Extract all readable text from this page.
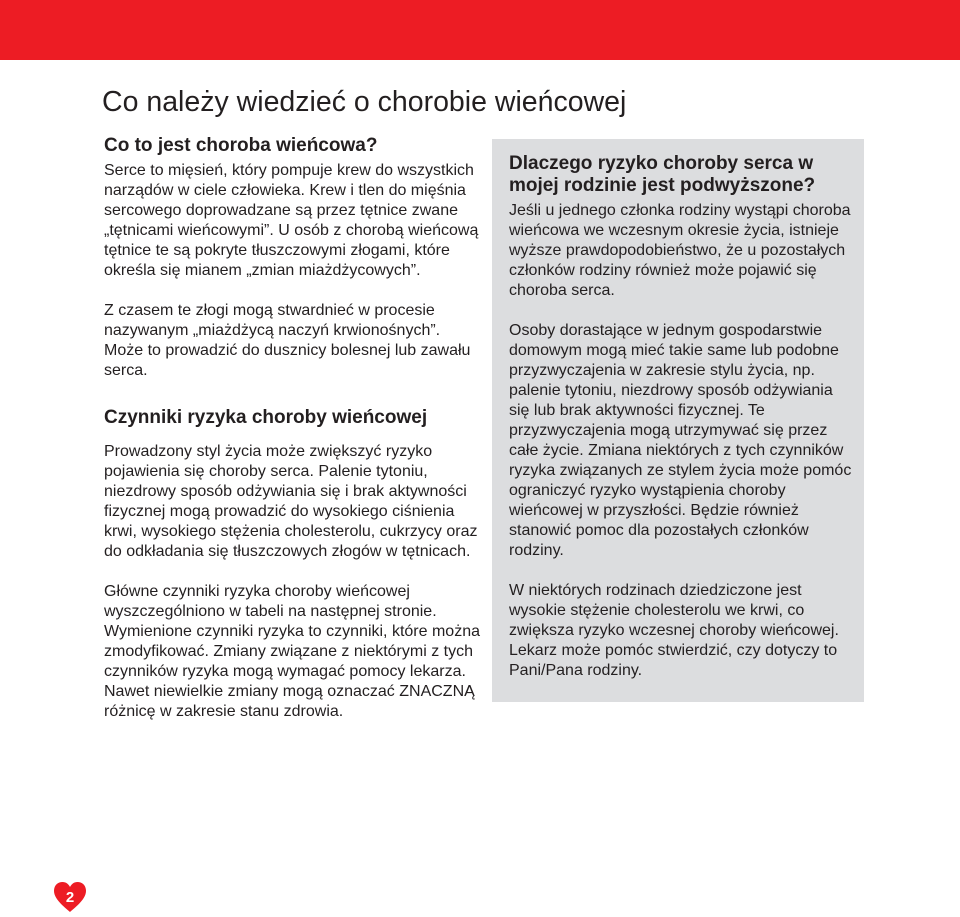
Co należy wiedzieć o chorobie wieńcowej
Co to jest choroba wieńcowa?

Serce to mięsień, który pompuje krew do wszystkich narządów w ciele człowieka. Krew i tlen do mięśnia sercowego doprowadzane są przez tętnice zwane „tętnicami wieńcowymi”. U osób z chorobą wieńcową tętnice te są pokryte tłuszczowymi złogami, które określa się mianem „zmian miażdżycowych”.

Z czasem te złogi mogą stwardnieć w procesie nazywanym „miażdżycą naczyń krwionośnych”. Może to prowadzić do dusznicy bolesnej lub zawału serca.

Czynniki ryzyka choroby wieńcowej

Prowadzony styl życia może zwiększyć ryzyko pojawienia się choroby serca. Palenie tytoniu, niezdrowy sposób odżywiania się i brak aktywności fizycznej mogą prowadzić do wysokiego ciśnienia krwi, wysokiego stężenia cholesterolu, cukrzycy oraz do odkładania się tłuszczowych złogów w tętnicach.

Główne czynniki ryzyka choroby wieńcowej wyszczególniono w tabeli na następnej stronie. Wymienione czynniki ryzyka to czynniki, które można zmodyfikować. Zmiany związane z niektórymi z tych czynników ryzyka mogą wymagać pomocy lekarza. Nawet niewielkie zmiany mogą oznaczać ZNACZNĄ różnicę w zakresie stanu zdrowia.

Dlaczego ryzyko choroby serca w mojej rodzinie jest podwyższone?

Jeśli u jednego członka rodziny wystąpi choroba wieńcowa we wczesnym okresie życia, istnieje wyższe prawdopodobieństwo, że u pozostałych członków rodziny również może pojawić się choroba serca.

Osoby dorastające w jednym gospodarstwie domowym mogą mieć takie same lub podobne przyzwyczajenia w zakresie stylu życia, np. palenie tytoniu, niezdrowy sposób odżywiania się lub brak aktywności fizycznej. Te przyzwyczajenia mogą utrzymywać się przez całe życie. Zmiana niektórych z tych czynników ryzyka związanych ze stylem życia może pomóc ograniczyć ryzyko wystąpienia choroby wieńcowej w przyszłości. Będzie również stanowić pomoc dla pozostałych członków rodziny.

W niektórych rodzinach dziedziczone jest wysokie stężenie cholesterolu we krwi, co zwiększa ryzyko wczesnej choroby wieńcowej. Lekarz może pomóc stwierdzić, czy dotyczy to Pani/Pana rodziny.

2
